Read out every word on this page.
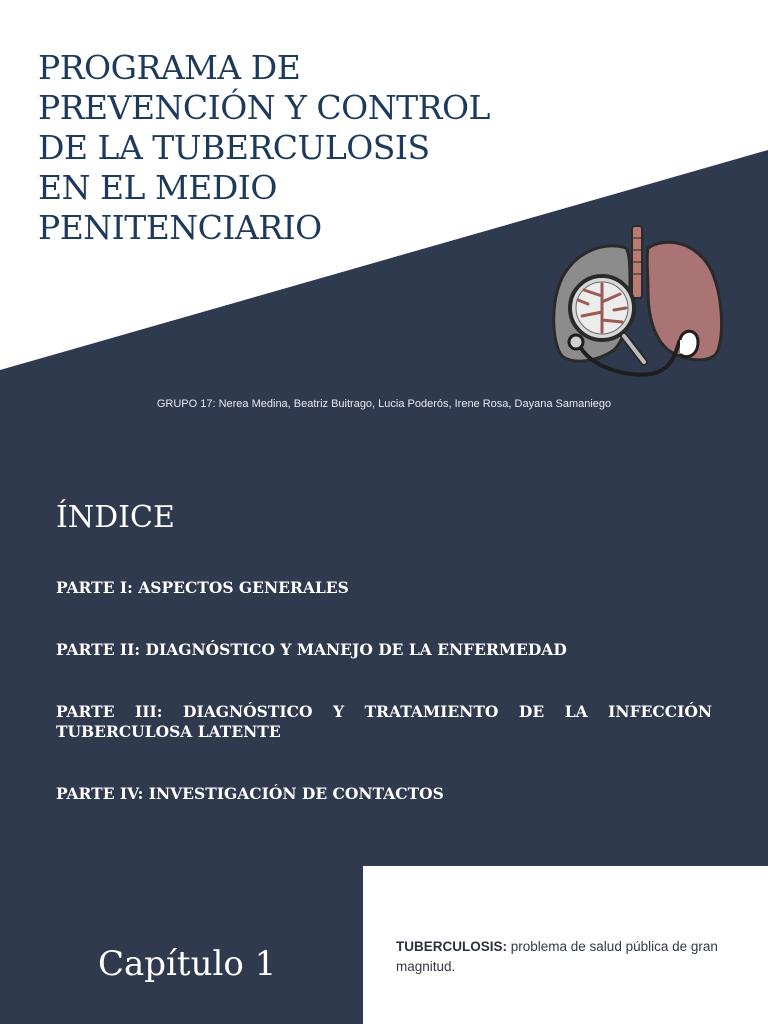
PROGRAMA DE
PREVENCIÓN Y CONTROL
DE LA TUBERCULOSIS
EN EL MEDIO
PENITENCIARIO
GRUPO 17: Nerea Medina, Beatriz Buitrago, Lucia Poderós, Irene Rosa, Dayana Samaniego
ÍNDICE
PARTE I: ASPECTOS GENERALES
PARTE II: DIAGNÓSTICO Y MANEJO DE LA ENFERMEDAD
PARTE III: DIAGNÓSTICO Y TRATAMIENTO DE LA INFECCIÓN TUBERCULOSA LATENTE
PARTE IV: INVESTIGACIÓN DE CONTACTOS
Capítulo 1	TUBERCULOSIS: problema de salud pública de gran magnitud.
